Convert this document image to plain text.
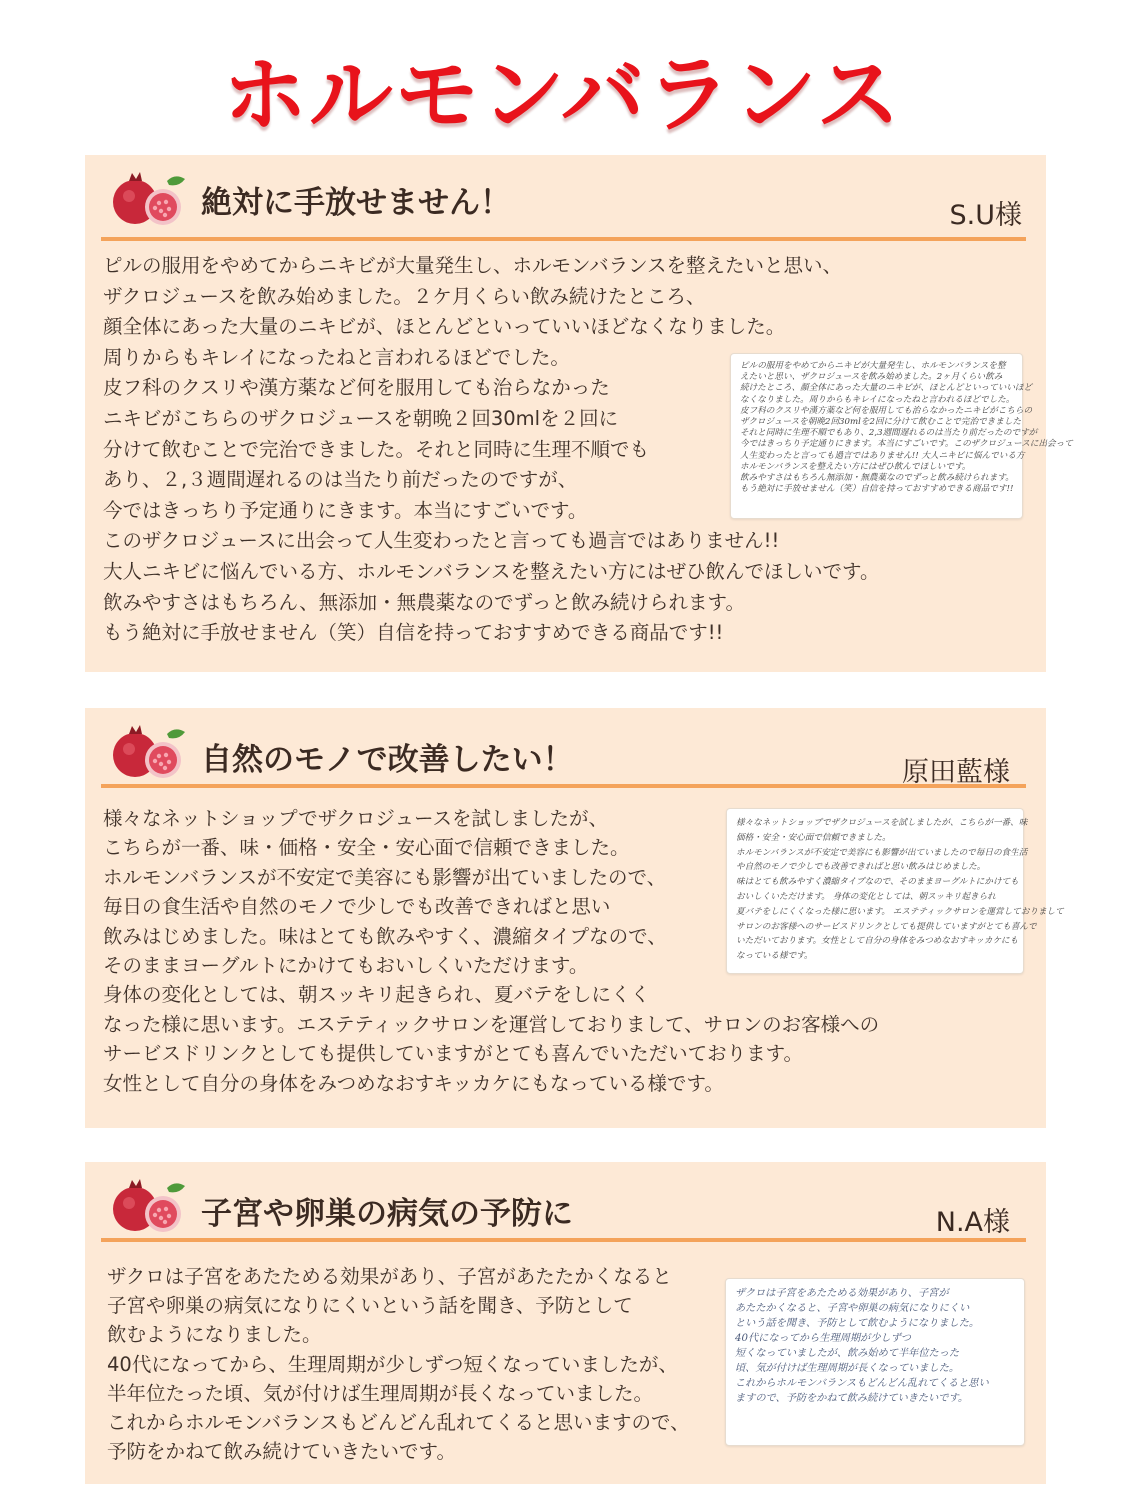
ホルモンバランス
絶対に手放せません！	S.U様
ピルの服用をやめてからニキビが大量発生し、ホルモンバランスを整えたいと思い、
ザクロジュースを飲み始めました。２ケ月くらい飲み続けたところ、
顔全体にあった大量のニキビが、ほとんどといっていいほどなくなりました。
周りからもキレイになったねと言われるほどでした。
皮フ科のクスリや漢方薬など何を服用しても治らなかった
ニキビがこちらのザクロジュースを朝晩２回30mlを２回に
分けて飲むことで完治できました。それと同時に生理不順でも
あり、２,３週間遅れるのは当たり前だったのですが、
今ではきっちり予定通りにきます。本当にすごいです。
このザクロジュースに出会って人生変わったと言っても過言ではありません!!
大人ニキビに悩んでいる方、ホルモンバランスを整えたい方にはぜひ飲んでほしいです。
飲みやすさはもちろん、無添加・無農薬なのでずっと飲み続けられます。
もう絶対に手放せません（笑）自信を持っておすすめできる商品です!!
ピルの服用をやめてからニキビが大量発生し、ホルモンバランスを整
えたいと思い、ザクロジュースを飲み始めました。2ヶ月くらい飲み
続けたところ、顔全体にあった大量のニキビが、ほとんどといっていいほど
なくなりました。周りからもキレイになったねと言われるほどでした。
皮フ科のクスリや漢方薬など何を服用しても治らなかったニキビがこちらの
ザクロジュースを朝晩2回30mlを2回に分けて飲むことで完治できました
それと同時に生理不順でもあり、2,3週間遅れるのは当たり前だったのですが
今ではきっちり予定通りにきます。本当にすごいです。このザクロジュースに出会って
人生変わったと言っても過言ではありません!! 大人ニキビに悩んでいる方
ホルモンバランスを整えたい方にはぜひ飲んでほしいです。
飲みやすさはもちろん無添加・無農薬なのでずっと飲み続けられます。
もう絶対に手放せません（笑）自信を持っておすすめできる商品です!!
自然のモノで改善したい！	原田藍様
様々なネットショップでザクロジュースを試しましたが、
こちらが一番、味・価格・安全・安心面で信頼できました。
ホルモンバランスが不安定で美容にも影響が出ていましたので、
毎日の食生活や自然のモノで少しでも改善できればと思い
飲みはじめました。味はとても飲みやすく、濃縮タイプなので、
そのままヨーグルトにかけてもおいしくいただけます。
身体の変化としては、朝スッキリ起きられ、夏バテをしにくく
なった様に思います。エステティックサロンを運営しておりまして、サロンのお客様への
サービスドリンクとしても提供していますがとても喜んでいただいております。
女性として自分の身体をみつめなおすキッカケにもなっている様です。
様々なネットショップでザクロジュースを試しましたが、こちらが一番、味
価格・安全・安心面で信頼できました。
ホルモンバランスが不安定で美容にも影響が出ていましたので毎日の食生活
や自然のモノで少しでも改善できればと思い飲みはじめました。
味はとても飲みやすく濃縮タイプなので、そのままヨーグルトにかけても
おいしくいただけます。 身体の変化としては、朝スッキリ起きられ
夏バテをしにくくなった様に思います。 エステティックサロンを運営しておりまして
サロンのお客様へのサービスドリンクとしても提供していますがとても喜んで
いただいております。女性として自分の身体をみつめなおすキッカケにも
なっている様です。
子宮や卵巣の病気の予防に	N.A様
ザクロは子宮をあたためる効果があり、子宮があたたかくなると
子宮や卵巣の病気になりにくいという話を聞き、予防として
飲むようになりました。
40代になってから、生理周期が少しずつ短くなっていましたが、
半年位たった頃、気が付けば生理周期が長くなっていました。
これからホルモンバランスもどんどん乱れてくると思いますので、
予防をかねて飲み続けていきたいです。
ザクロは子宮をあたためる効果があり、子宮が
あたたかくなると、子宮や卵巣の病気になりにくい
という話を聞き、予防として飲むようになりました。
40代になってから生理周期が少しずつ
短くなっていましたが、飲み始めて半年位たった
頃、気が付けば生理周期が長くなっていました。
これからホルモンバランスもどんどん乱れてくると思い
ますので、予防をかねて飲み続けていきたいです。
